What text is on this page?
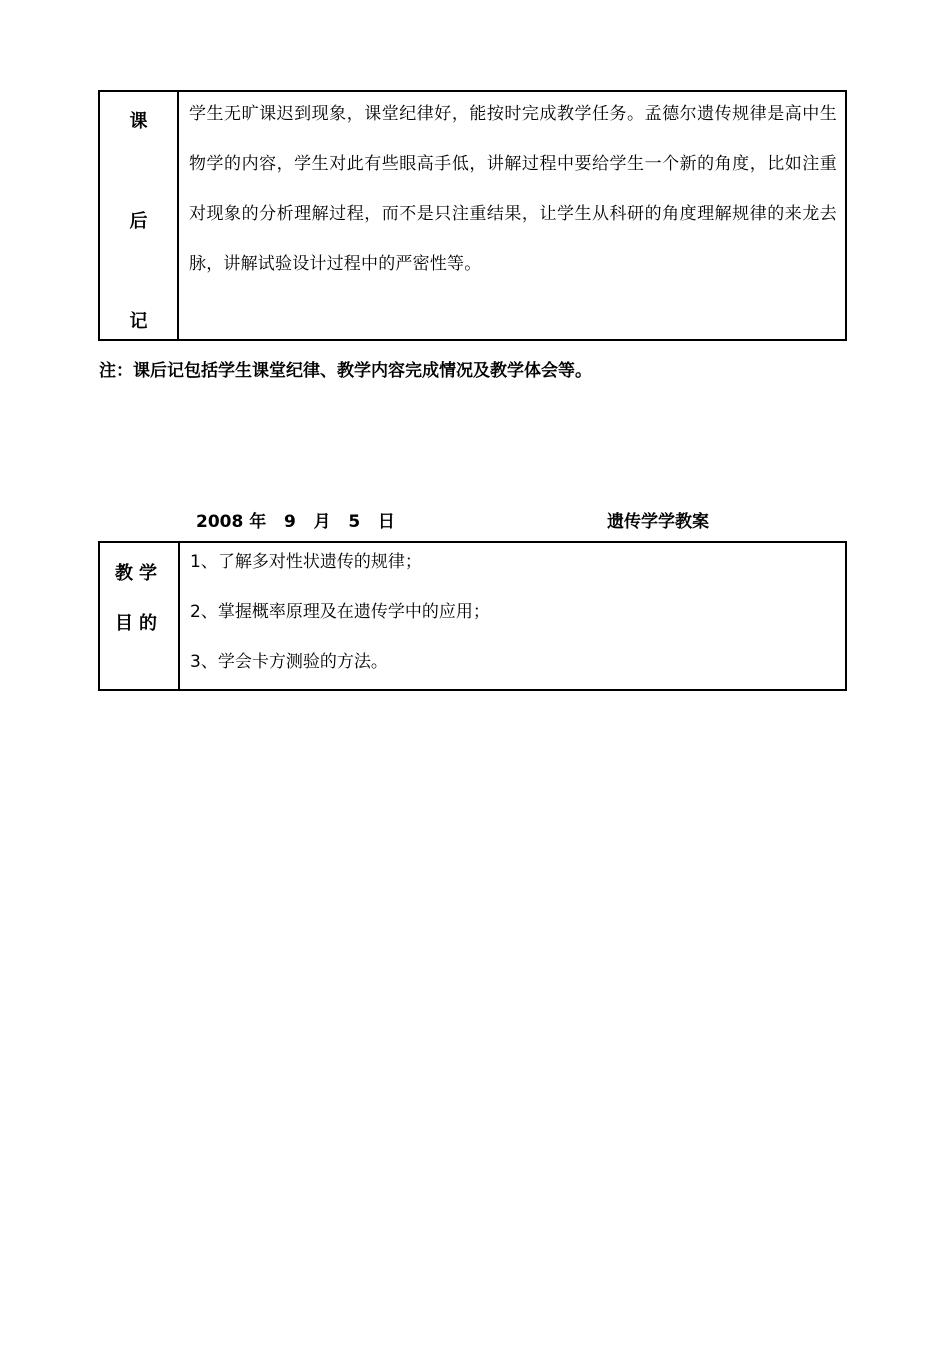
课
后
记
学生无旷课迟到现象，课堂纪律好，能按时完成教学任务。孟德尔遗传规律是高中生物学的内容，学生对此有些眼高手低，讲解过程中要给学生一个新的角度，比如注重对现象的分析理解过程，而不是只注重结果，让学生从科研的角度理解规律的来龙去脉，讲解试验设计过程中的严密性等。
注：课后记包括学生课堂纪律、教学内容完成情况及教学体会等。
2008 年   9   月   5   日	遗传学学教案
教学
目的
1、了解多对性状遗传的规律；
2、掌握概率原理及在遗传学中的应用；
3、学会卡方测验的方法。
